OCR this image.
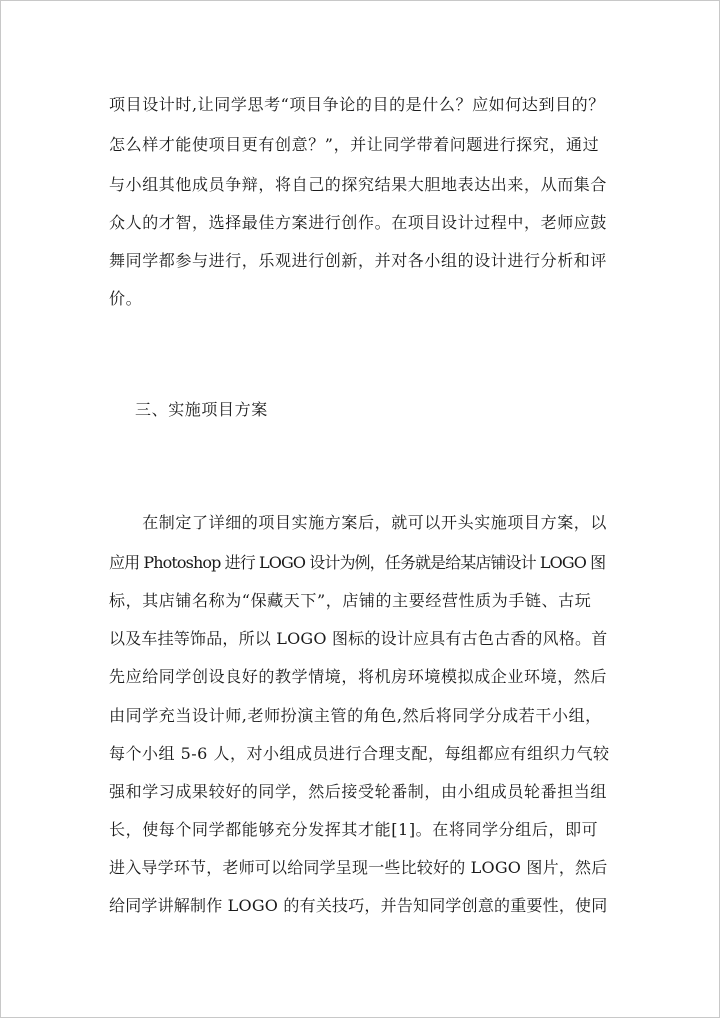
项目设计时,让同学思考“项目争论的目的是什么？应如何达到目的？
怎么样才能使项目更有创意？”，并让同学带着问题进行探究，通过
与小组其他成员争辩，将自己的探究结果大胆地表达出来，从而集合
众人的才智，选择最佳方案进行创作。在项目设计过程中，老师应鼓
舞同学都参与进行，乐观进行创新，并对各小组的设计进行分析和评
价。
三、实施项目方案
　　在制定了详细的项目实施方案后，就可以开头实施项目方案，以
应用 Photoshop 进行 LOGO 设计为例，任务就是给某店铺设计 LOGO 图
标，其店铺名称为“保藏天下”，店铺的主要经营性质为手链、古玩
以及车挂等饰品，所以 LOGO 图标的设计应具有古色古香的风格。首
先应给同学创设良好的教学情境，将机房环境模拟成企业环境，然后
由同学充当设计师,老师扮演主管的角色,然后将同学分成若干小组，
每个小组 5-6 人，对小组成员进行合理支配，每组都应有组织力气较
强和学习成果较好的同学，然后接受轮番制，由小组成员轮番担当组
长，使每个同学都能够充分发挥其才能[1]。在将同学分组后，即可
进入导学环节，老师可以给同学呈现一些比较好的 LOGO 图片，然后
给同学讲解制作 LOGO 的有关技巧，并告知同学创意的重要性，使同
